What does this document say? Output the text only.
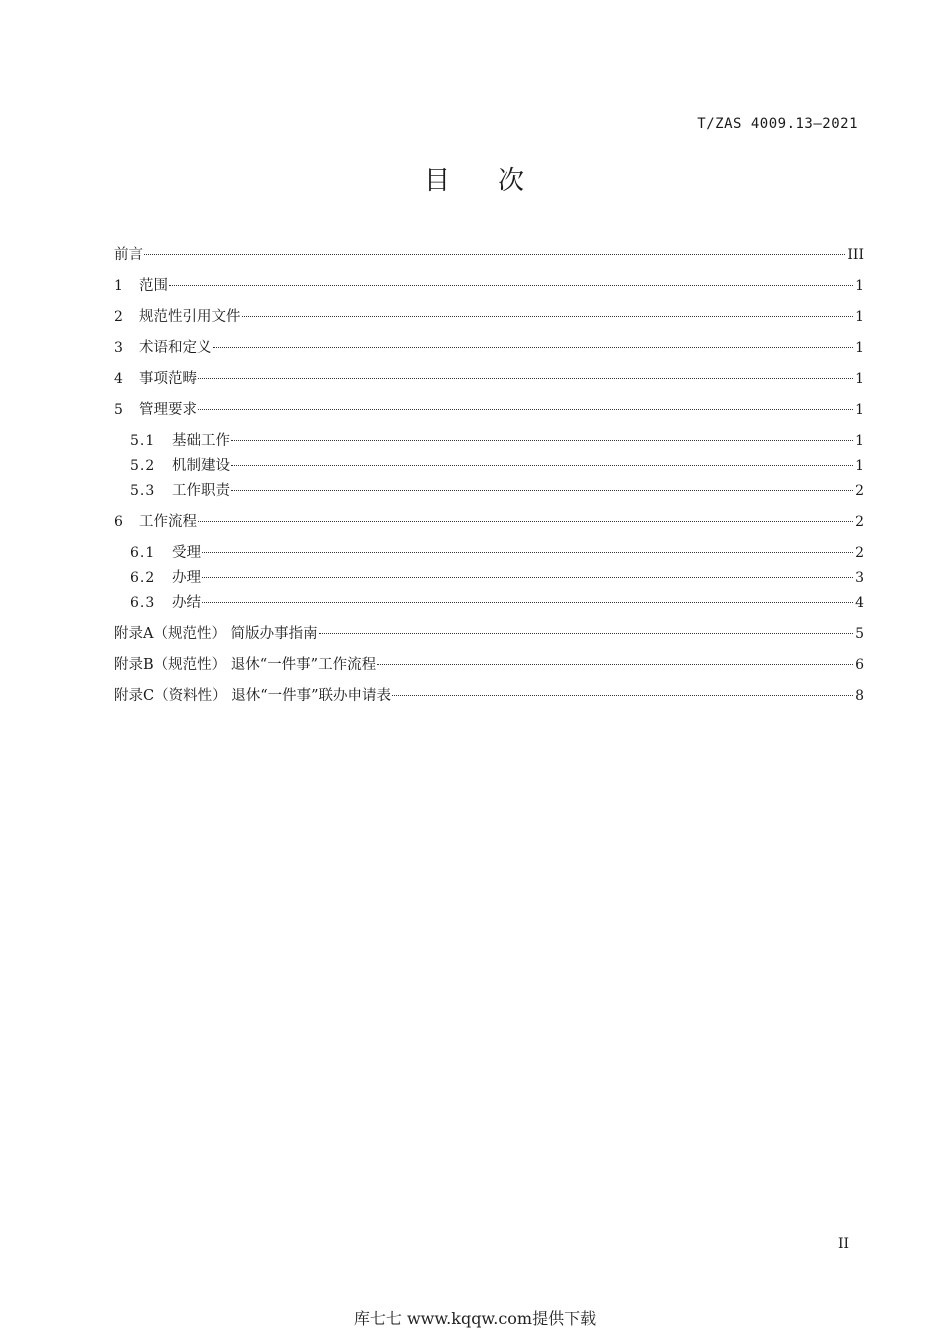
T/ZAS 4009.13—2021
目 次
前言	III
1	范围	1
2	规范性引用文件	1
3	术语和定义	1
4	事项范畴	1
5	管理要求	1
5.1	基础工作	1
5.2	机制建设	1
5.3	工作职责	2
6	工作流程	2
6.1	受理	2
6.2	办理	3
6.3	办结	4
附录A（规范性） 简版办事指南	5
附录B（规范性） 退休“一件事”工作流程	6
附录C（资料性） 退休“一件事”联办申请表	8
II
库七七 www.kqqw.com提供下载
